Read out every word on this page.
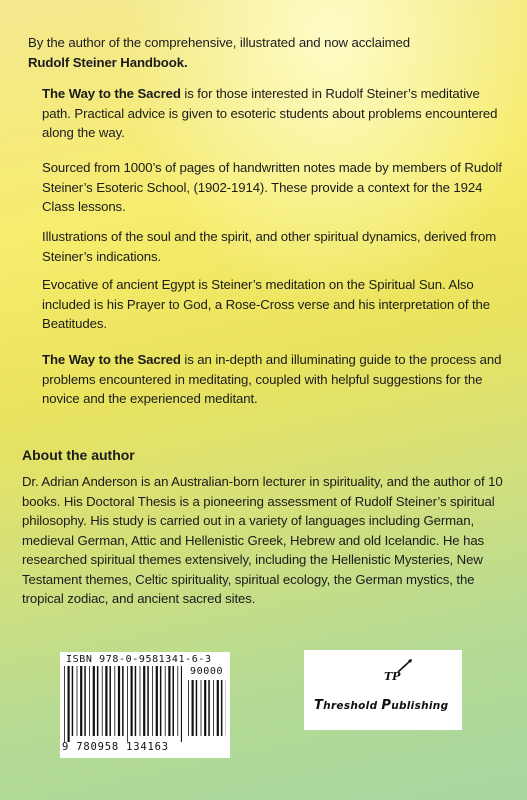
By the author of the comprehensive, illustrated and now acclaimed

Rudolf Steiner Handbook.

The Way to the Sacred is for those interested in Rudolf Steiner’s meditative path. Practical advice is given to esoteric students about problems encountered along the way.

Sourced from 1000’s of pages of handwritten notes made by members of Rudolf Steiner’s Esoteric School, (1902-1914). These provide a context for the 1924 Class lessons.

Illustrations of the soul and the spirit, and other spiritual dynamics, derived from Steiner’s indications.

Evocative of ancient Egypt is Steiner’s meditation on the Spiritual Sun. Also included is his Prayer to God, a Rose-Cross verse and his interpretation of the Beatitudes.

The Way to the Sacred is an in-depth and illuminating guide to the process and problems encountered in meditating, coupled with helpful suggestions for the novice and the experienced meditant.

About the author

Dr. Adrian Anderson is an Australian-born lecturer in spirituality, and the author of 10 books. His Doctoral Thesis is a pioneering assessment of Rudolf Steiner’s spiritual philosophy. His study is carried out in a variety of languages including German, medieval German, Attic and Hellenistic Greek, Hebrew and old Icelandic. He has researched spiritual themes extensively, including the Hellenistic Mysteries, New Testament themes, Celtic spirituality, spiritual ecology, the German mystics, the tropical zodiac, and ancient sacred sites.

ISBN 978-0-9581341-6-3
90000
9 780958 134163
TP
Threshold Publishing
